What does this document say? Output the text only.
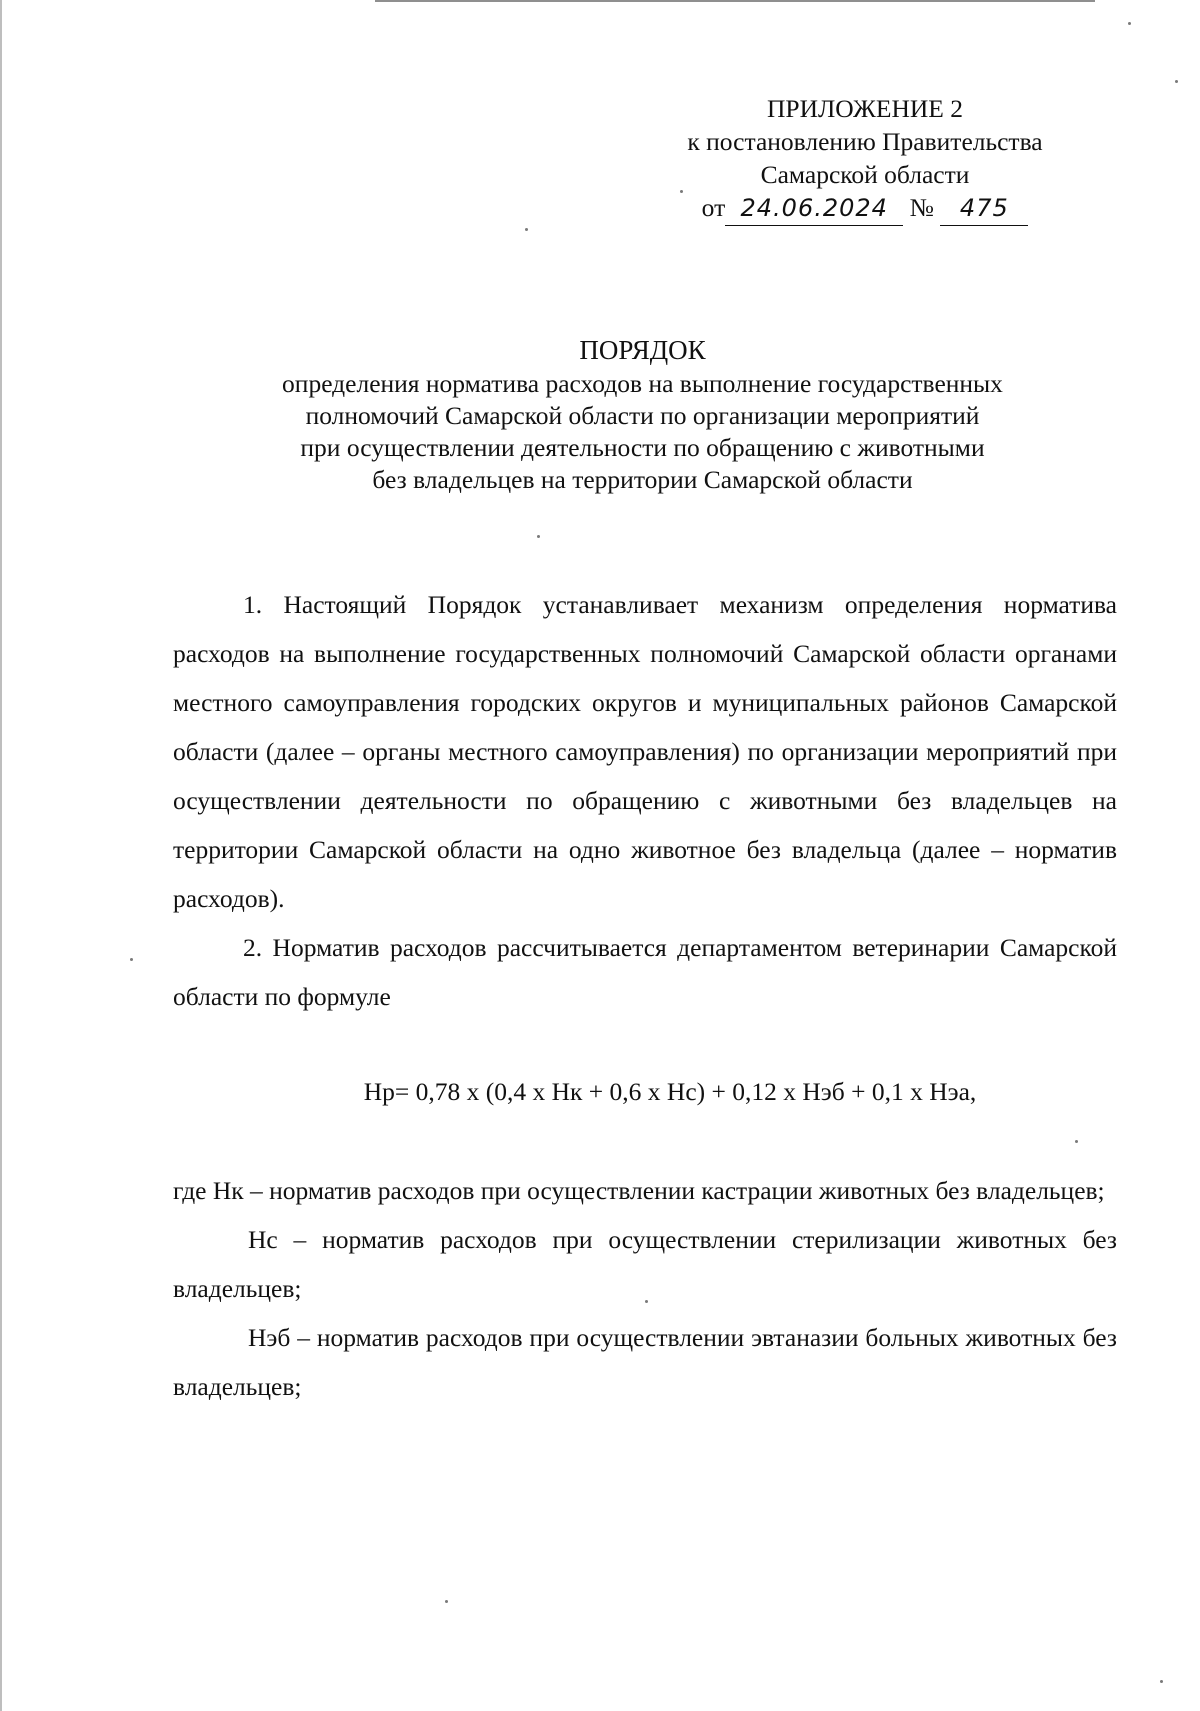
ПРИЛОЖЕНИЕ 2
к постановлению Правительства
Самарской области
от 24.06.2024 № 475
ПОРЯДОК

определения норматива расходов на выполнение государственных

полномочий Самарской области по организации мероприятий

при осуществлении деятельности по обращению с животными

без владельцев на территории Самарской области

1. Настоящий Порядок устанавливает механизм определения норматива расходов на выполнение государственных полномочий Самарской области органами местного самоуправления городских округов и муниципальных районов Самарской области (далее – органы местного самоуправления) по организации мероприятий при осуществлении деятельности по обращению с животными без владельцев на территории Самарской области на одно животное без владельца (далее – норматив расходов).

2. Норматив расходов рассчитывается департаментом ветеринарии Самарской области по формуле

Нр= 0,78 х (0,4 х Нк + 0,6 х Нс) + 0,12 х Нэб + 0,1 х Нэа,

где Нк – норматив расходов при осуществлении кастрации животных без владельцев;

Нс – норматив расходов при осуществлении стерилизации животных без владельцев;

Нэб – норматив расходов при осуществлении эвтаназии больных животных без владельцев;
